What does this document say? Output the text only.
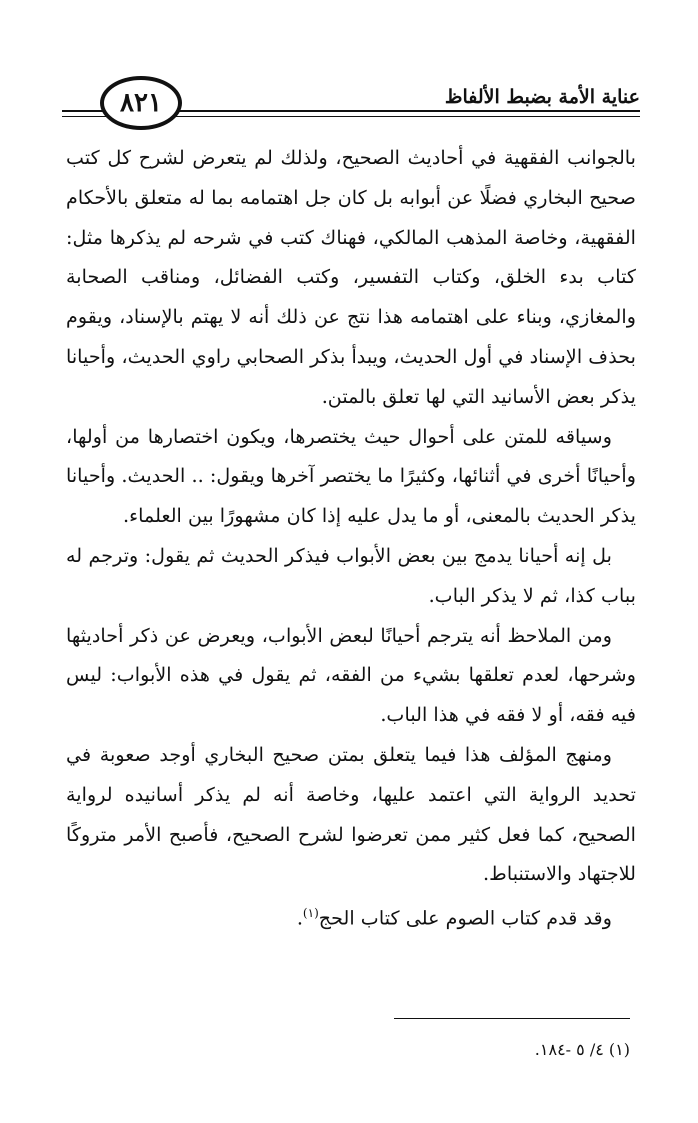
عناية الأمة بضبط الألفاظ
٨٢١

بالجوانب الفقهية في أحاديث الصحيح، ولذلك لم يتعرض لشرح كل كتب صحيح البخاري فضلًا عن أبوابه بل كان جل اهتمامه بما له متعلق بالأحكام الفقهية، وخاصة المذهب المالكي، فهناك كتب في شرحه لم يذكرها مثل: كتاب بدء الخلق، وكتاب التفسير، وكتب الفضائل، ومناقب الصحابة والمغازي، وبناء على اهتمامه هذا نتج عن ذلك أنه لا يهتم بالإسناد، ويقوم بحذف الإسناد في أول الحديث، ويبدأ بذكر الصحابي راوي الحديث، وأحيانا يذكر بعض الأسانيد التي لها تعلق بالمتن.

وسياقه للمتن على أحوال حيث يختصرها، ويكون اختصارها من أولها، وأحيانًا أخرى في أثنائها، وكثيرًا ما يختصر آخرها ويقول: .. الحديث. وأحيانا يذكر الحديث بالمعنى، أو ما يدل عليه إذا كان مشهورًا بين العلماء.

بل إنه أحيانا يدمج بين بعض الأبواب فيذكر الحديث ثم يقول: وترجم له بباب كذا، ثم لا يذكر الباب.

ومن الملاحظ أنه يترجم أحيانًا لبعض الأبواب، ويعرض عن ذكر أحاديثها وشرحها، لعدم تعلقها بشيء من الفقه، ثم يقول في هذه الأبواب: ليس فيه فقه، أو لا فقه في هذا الباب.

ومنهج المؤلف هذا فيما يتعلق بمتن صحيح البخاري أوجد صعوبة في تحديد الرواية التي اعتمد عليها، وخاصة أنه لم يذكر أسانيده لرواية الصحيح، كما فعل كثير ممن تعرضوا لشرح الصحيح، فأصبح الأمر متروكًا للاجتهاد والاستنباط.

وقد قدم كتاب الصوم على كتاب الحج$^{(١)}$.

(١) ٤/ ٥ -١٨٤.
